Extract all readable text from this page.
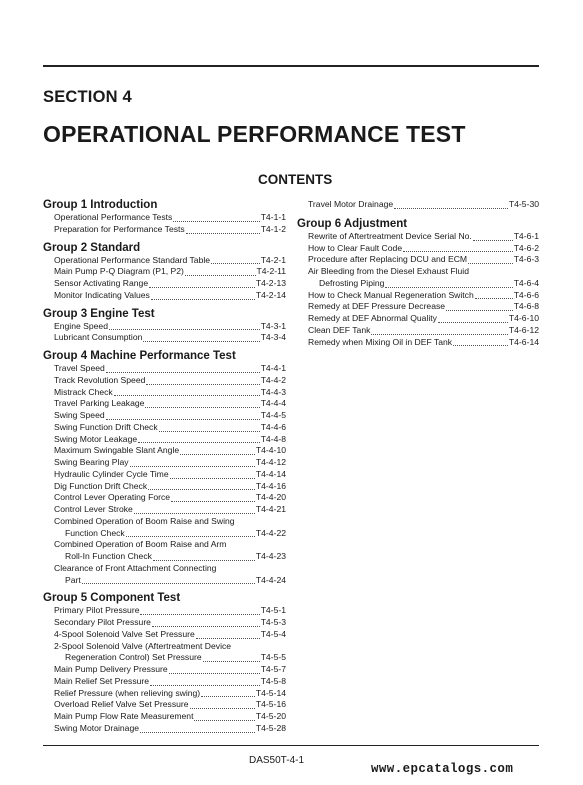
SECTION 4
OPERATIONAL PERFORMANCE TEST
CONTENTS
Group 1 Introduction
Operational Performance Tests	T4-1-1
Preparation for Performance Tests	T4-1-2
Group 2 Standard
Operational Performance Standard Table	T4-2-1
Main Pump P-Q Diagram (P1, P2)	T4-2-11
Sensor Activating Range	T4-2-13
Monitor Indicating Values	T4-2-14
Group 3 Engine Test
Engine Speed	T4-3-1
Lubricant Consumption	T4-3-4
Group 4 Machine Performance Test
Travel Speed	T4-4-1
Track Revolution Speed	T4-4-2
Mistrack Check	T4-4-3
Travel Parking Leakage	T4-4-4
Swing Speed	T4-4-5
Swing Function Drift Check	T4-4-6
Swing Motor Leakage	T4-4-8
Maximum Swingable Slant Angle	T4-4-10
Swing Bearing Play	T4-4-12
Hydraulic Cylinder Cycle Time	T4-4-14
Dig Function Drift Check	T4-4-16
Control Lever Operating Force	T4-4-20
Control Lever Stroke	T4-4-21
Combined Operation of Boom Raise and Swing
Function Check	T4-4-22
Combined Operation of Boom Raise and Arm
Roll-In Function Check	T4-4-23
Clearance of Front Attachment Connecting
Part	T4-4-24
Group 5 Component Test
Primary Pilot Pressure	T4-5-1
Secondary Pilot Pressure	T4-5-3
4-Spool Solenoid Valve Set Pressure	T4-5-4
2-Spool Solenoid Valve (Aftertreatment Device
Regeneration Control) Set Pressure	T4-5-5
Main Pump Delivery Pressure	T4-5-7
Main Relief Set Pressure	T4-5-8
Relief Pressure (when relieving swing)	T4-5-14
Overload Relief Valve Set Pressure	T4-5-16
Main Pump Flow Rate Measurement	T4-5-20
Swing Motor Drainage	T4-5-28
Travel Motor Drainage	T4-5-30
Group 6 Adjustment
Rewrite of Aftertreatment Device Serial No.	T4-6-1
How to Clear Fault Code	T4-6-2
Procedure after Replacing DCU and ECM	T4-6-3
Air Bleeding from the Diesel Exhaust Fluid
Defrosting Piping	T4-6-4
How to Check Manual Regeneration Switch	T4-6-6
Remedy at DEF Pressure Decrease	T4-6-8
Remedy at DEF Abnormal Quality	T4-6-10
Clean DEF Tank	T4-6-12
Remedy when Mixing Oil in DEF Tank	T4-6-14
DAS50T-4-1
www.epcatalogs.com
